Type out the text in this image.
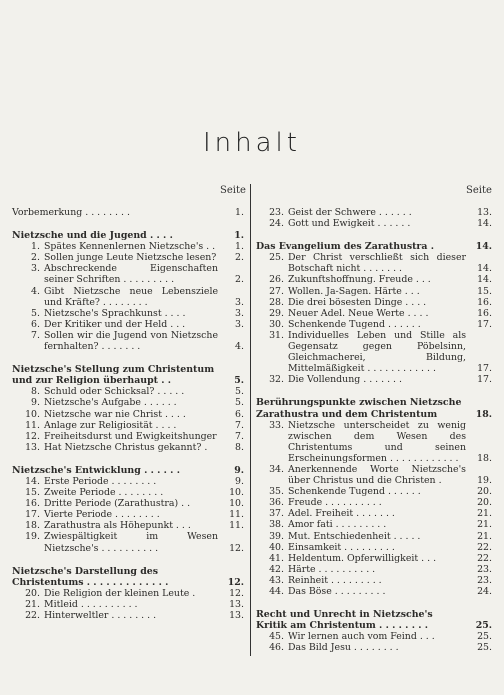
Inhalt
Seite	Seite
Vorbemerkung . . . . . . . .	1.
Nietzsche und die Jugend . . . .	1.
1. Spätes Kennenlernen Nietzsche's . .	1.
2. Sollen junge Leute Nietzsche lesen?	2.
3. Abschreckende Eigenschaften seiner Schriften . . . . . . . . .	2.
4. Gibt Nietzsche neue Lebensziele und Kräfte? . . . . . . . .	3.
5. Nietzsche's Sprachkunst . . . .	3.
6. Der Kritiker und der Held . . .	3.
7. Sollen wir die Jugend von Nietzsche fernhalten? . . . . . . .	4.
Nietzsche's Stellung zum Christentum und zur Religion überhaupt . .	5.
8. Schuld oder Schicksal? . . . . .	5.
9. Nietzsche's Aufgabe . . . . . .	5.
10. Nietzsche war nie Christ . . . .	6.
11. Anlage zur Religiosität . . . .	7.
12. Freiheitsdurst und Ewigkeitshunger	7.
13. Hat Nietzsche Christus gekannt? .	8.
Nietzsche's Entwicklung . . . . . .	9.
14. Erste Periode . . . . . . . .	9.
15. Zweite Periode . . . . . . . .	10.
16. Dritte Periode (Zarathustra) . .	10.
17. Vierte Periode . . . . . . . .	11.
18. Zarathustra als Höhepunkt . . .	11.
19. Zwiespältigkeit im Wesen Nietzsche's . . . . . . . . . .	12.
Nietzsche's Darstellung des Christentums . . . . . . . . . . . . .	12.
20. Die Religion der kleinen Leute .	12.
21. Mitleid . . . . . . . . . .	13.
22. Hinterweltler . . . . . . . .	13.
23. Geist der Schwere . . . . . .	13.
24. Gott und Ewigkeit . . . . . .	14.
Das Evangelium des Zarathustra .	14.
25. Der Christ verschließt sich dieser Botschaft nicht . . . . . . .	14.
26. Zukunftshoffnung. Freude . . .	14.
27. Wollen. Ja-Sagen. Härte . . .	15.
28. Die drei bösesten Dinge . . . .	16.
29. Neuer Adel. Neue Werte . . . .	16.
30. Schenkende Tugend . . . . . .	17.
31. Individuelles Leben und Stille als Gegensatz gegen Pöbelsinn, Gleichmacherei, Bildung, Mittelmäßigkeit . . . . . . . . . . . .	17.
32. Die Vollendung . . . . . . .	17.
Berührungspunkte zwischen Nietzsche Zarathustra und dem Christentum	18.
33. Nietzsche unterscheidet zu wenig zwischen dem Wesen des Christentums und seinen Erscheinungsformen . . . . . . . . . . . .	18.
34. Anerkennende Worte Nietzsche's über Christus und die Christen .	19.
35. Schenkende Tugend . . . . . .	20.
36. Freude . . . . . . . . . .	20.
37. Adel. Freiheit . . . . . . .	21.
38. Amor fati . . . . . . . . .	21.
39. Mut. Entschiedenheit . . . . .	21.
40. Einsamkeit . . . . . . . . .	22.
41. Heldentum. Opferwilligkeit . . .	22.
42. Härte . . . . . . . . . .	23.
43. Reinheit . . . . . . . . .	23.
44. Das Böse . . . . . . . . .	24.
Recht und Unrecht in Nietzsche's Kritik am Christentum . . . . . . . .	25.
45. Wir lernen auch vom Feind . . .	25.
46. Das Bild Jesu . . . . . . . .	25.
